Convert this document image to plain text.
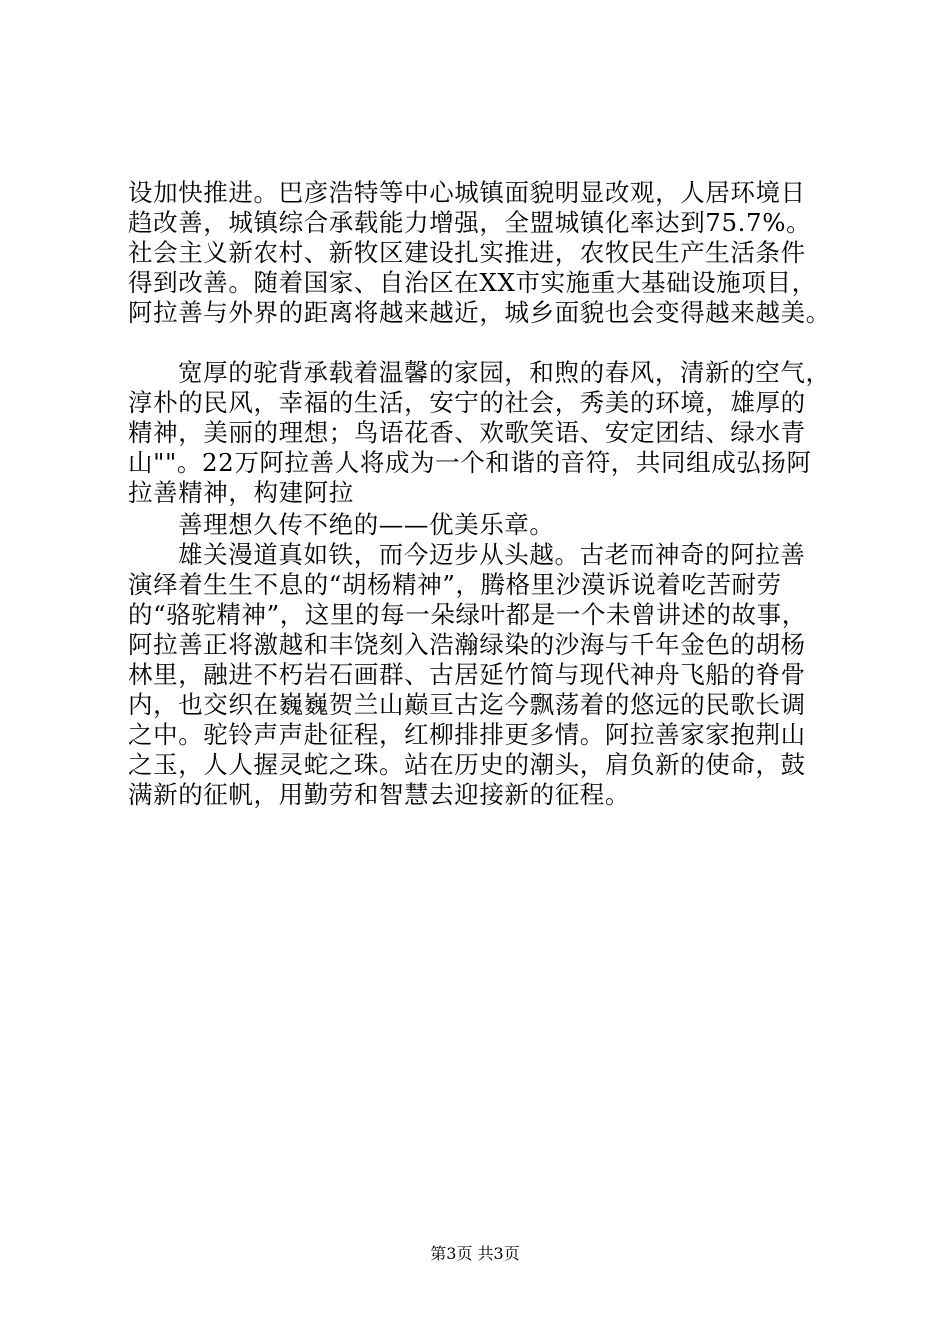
设加快推进。巴彦浩特等中心城镇面貌明显改观，人居环境日
趋改善，城镇综合承载能力增强，全盟城镇化率达到75.7%。
社会主义新农村、新牧区建设扎实推进，农牧民生产生活条件
得到改善。随着国家、自治区在XX市实施重大基础设施项目，
阿拉善与外界的距离将越来越近，城乡面貌也会变得越来越美。
宽厚的驼背承载着温馨的家园，和煦的春风，清新的空气，
淳朴的民风，幸福的生活，安宁的社会，秀美的环境，雄厚的
精神，美丽的理想；鸟语花香、欢歌笑语、安定团结、绿水青
山""。22万阿拉善人将成为一个和谐的音符，共同组成弘扬阿
拉善精神，构建阿拉
善理想久传不绝的——优美乐章。
雄关漫道真如铁，而今迈步从头越。古老而神奇的阿拉善
演绎着生生不息的“胡杨精神”，腾格里沙漠诉说着吃苦耐劳
的“骆驼精神”，这里的每一朵绿叶都是一个未曾讲述的故事，
阿拉善正将激越和丰饶刻入浩瀚绿染的沙海与千年金色的胡杨
林里，融进不朽岩石画群、古居延竹简与现代神舟飞船的脊骨
内，也交织在巍巍贺兰山巅亘古迄今飘荡着的悠远的民歌长调
之中。驼铃声声赴征程，红柳排排更多情。阿拉善家家抱荆山
之玉，人人握灵蛇之珠。站在历史的潮头，肩负新的使命，鼓
满新的征帆，用勤劳和智慧去迎接新的征程。
第3页 共3页
